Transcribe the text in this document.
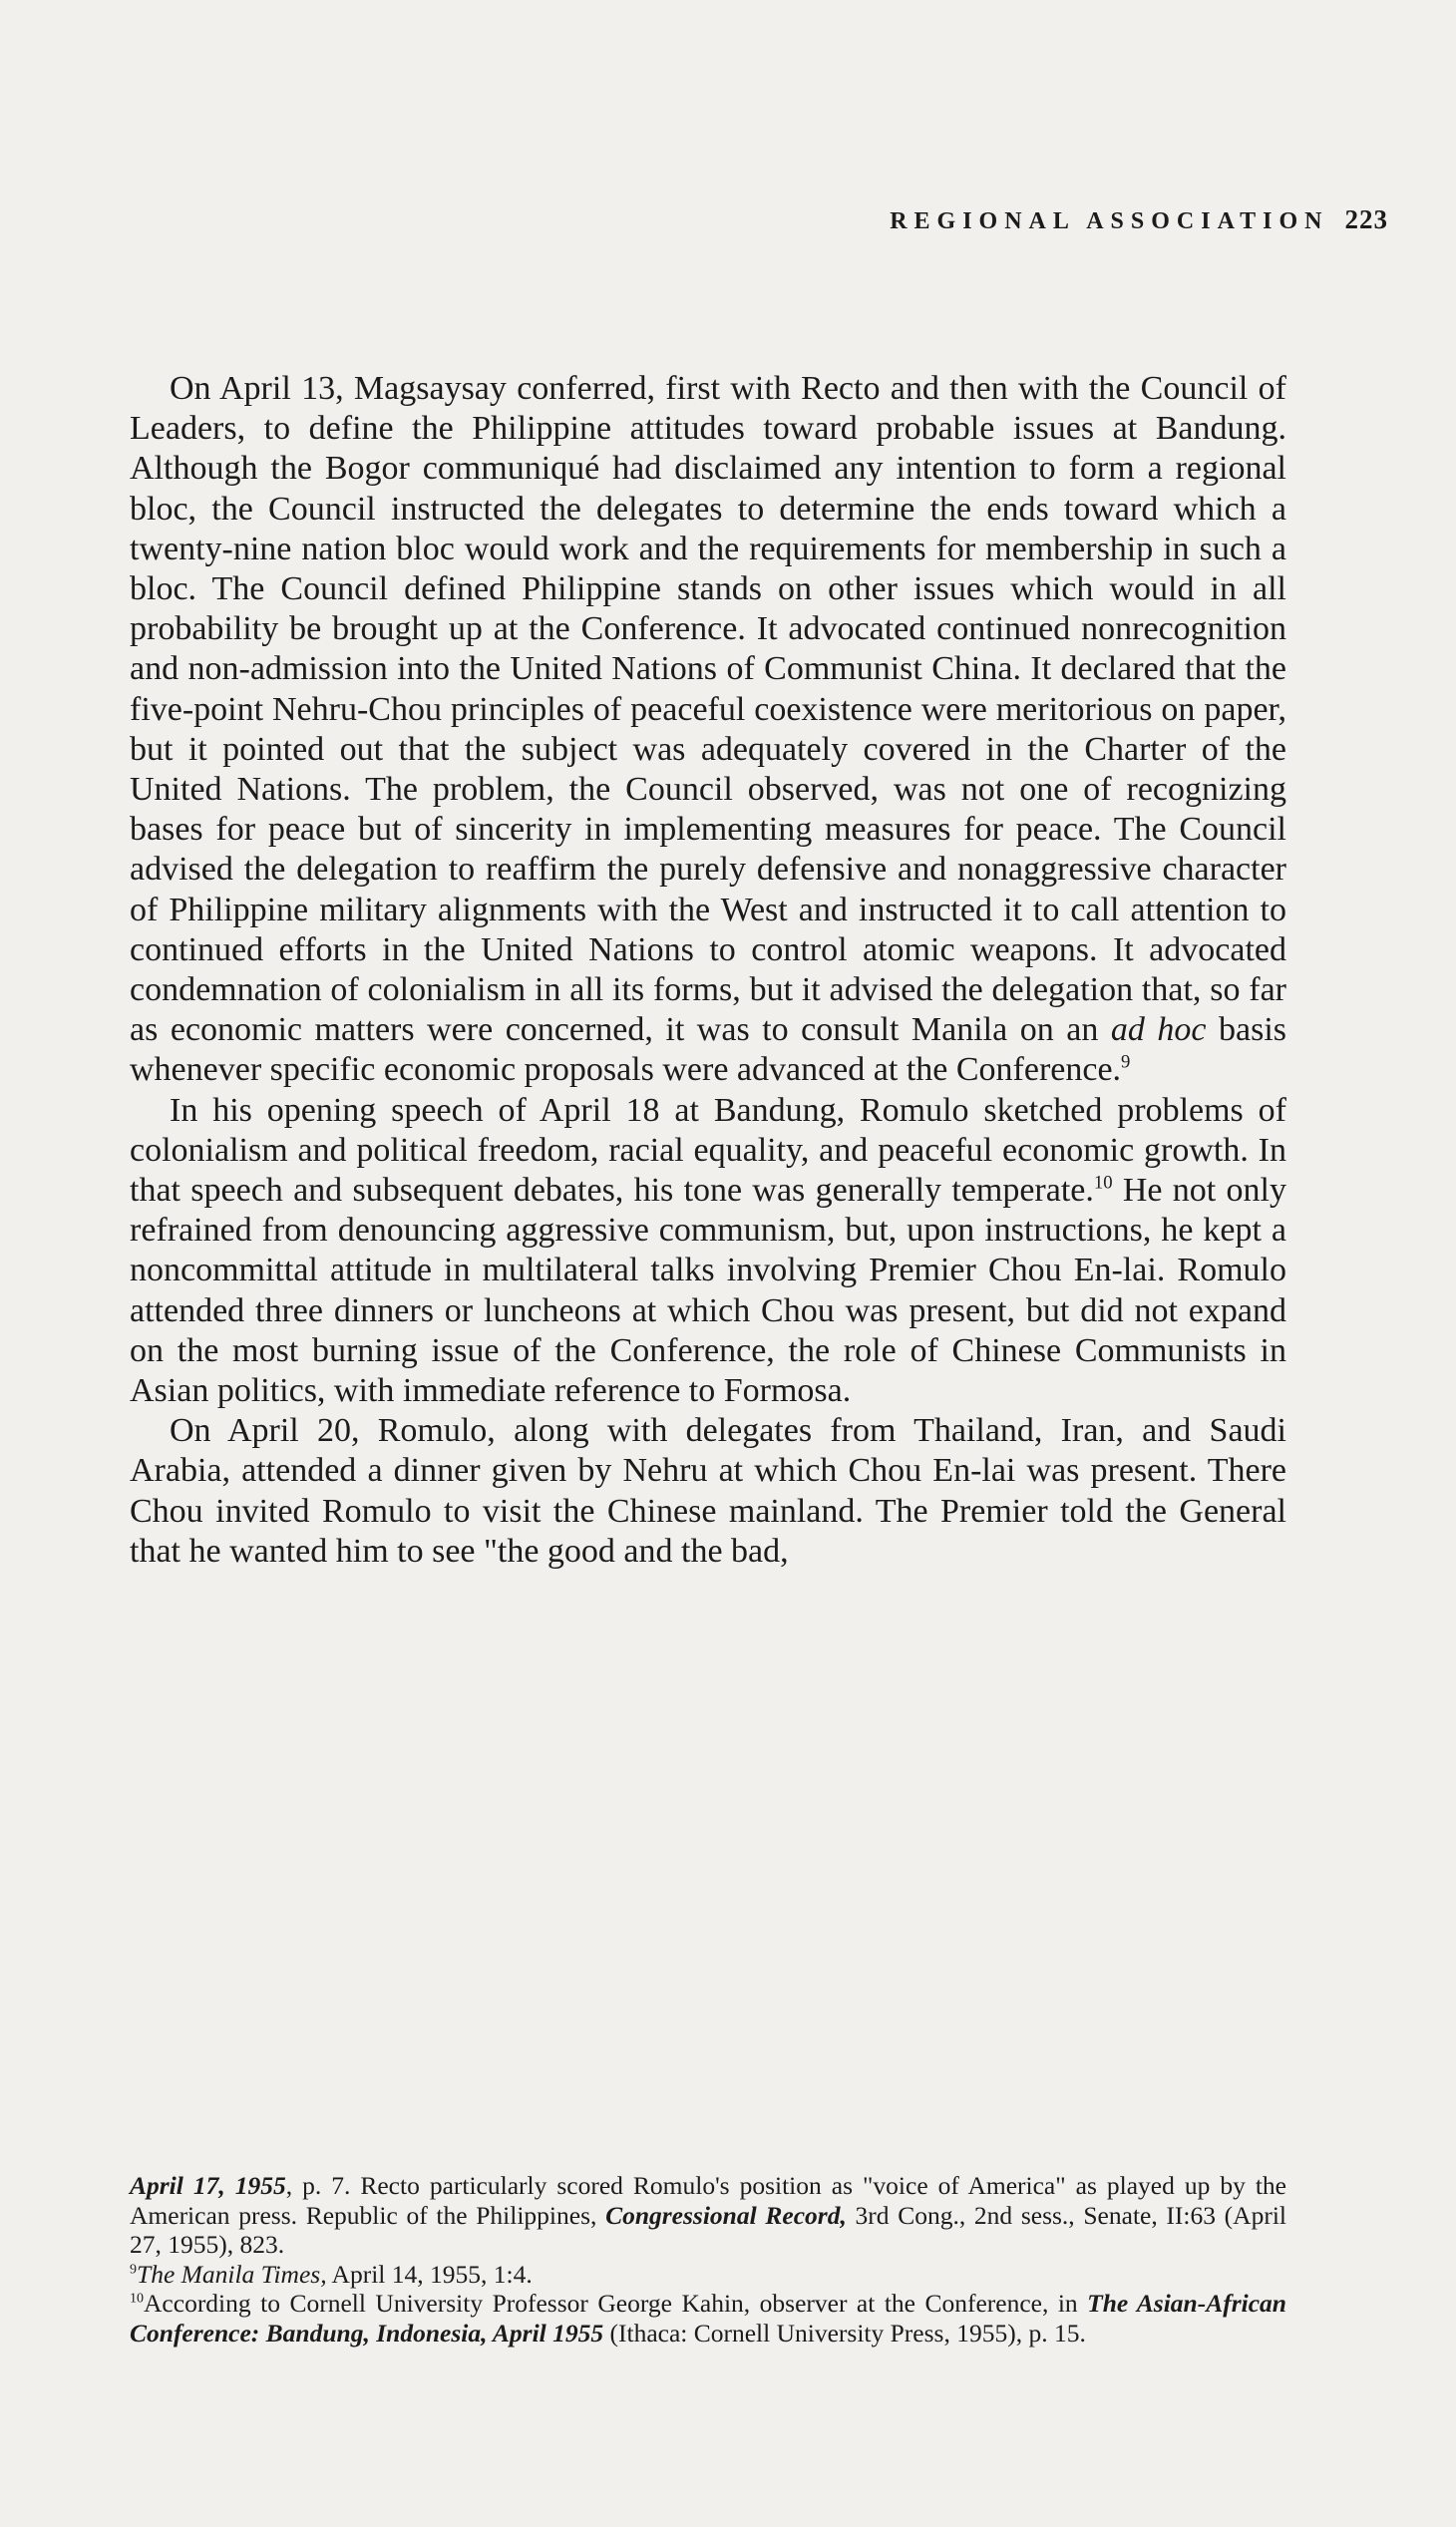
REGIONAL ASSOCIATION 223

On April 13, Magsaysay conferred, first with Recto and then with the Council of Leaders, to define the Philippine attitudes toward probable issues at Bandung. Although the Bogor communiqué had disclaimed any intention to form a regional bloc, the Council instructed the delegates to determine the ends toward which a twenty-nine nation bloc would work and the requirements for membership in such a bloc. The Council defined Philippine stands on other issues which would in all probability be brought up at the Conference. It advocated continued nonrecognition and non-admission into the United Nations of Communist China. It declared that the five-point Nehru-Chou principles of peaceful coexistence were meritorious on paper, but it pointed out that the subject was adequately covered in the Charter of the United Nations. The problem, the Council observed, was not one of recognizing bases for peace but of sincerity in implementing measures for peace. The Council advised the delegation to reaffirm the purely defensive and nonaggressive character of Philippine military alignments with the West and instructed it to call attention to continued efforts in the United Nations to control atomic weapons. It advocated condemnation of colonialism in all its forms, but it advised the delegation that, so far as economic matters were concerned, it was to consult Manila on an ad hoc basis whenever specific economic proposals were advanced at the Conference.$^9$

In his opening speech of April 18 at Bandung, Romulo sketched problems of colonialism and political freedom, racial equality, and peaceful economic growth. In that speech and subsequent debates, his tone was generally temperate.$^{10}$ He not only refrained from denouncing aggressive communism, but, upon instructions, he kept a noncommittal attitude in multilateral talks involving Premier Chou En-lai. Romulo attended three dinners or luncheons at which Chou was present, but did not expand on the most burning issue of the Conference, the role of Chinese Communists in Asian politics, with immediate reference to Formosa.

On April 20, Romulo, along with delegates from Thailand, Iran, and Saudi Arabia, attended a dinner given by Nehru at which Chou En-lai was present. There Chou invited Romulo to visit the Chinese mainland. The Premier told the General that he wanted him to see "the good and the bad,

April 17, 1955, p. 7. Recto particularly scored Romulo's position as "voice of America" as played up by the American press. Republic of the Philippines, Congressional Record, 3rd Cong., 2nd sess., Senate, II:63 (April 27, 1955), 823.

$^9$The Manila Times, April 14, 1955, 1:4.

$^{10}$According to Cornell University Professor George Kahin, observer at the Conference, in The Asian-African Conference: Bandung, Indonesia, April 1955 (Ithaca: Cornell University Press, 1955), p. 15.
